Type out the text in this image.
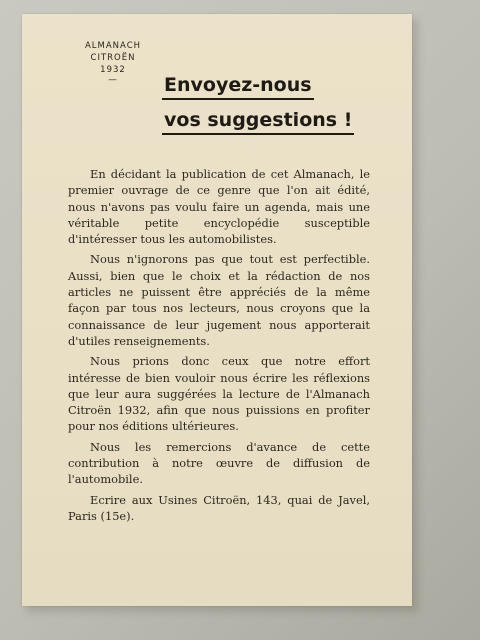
ALMANACH
CITROËN
1932
—	Envoyez-nous
vos suggestions !

En décidant la publication de cet Almanach, le premier ouvrage de ce genre que l'on ait édité, nous n'avons pas voulu faire un agenda, mais une véritable petite encyclopédie susceptible d'intéresser tous les automobilistes.

Nous n'ignorons pas que tout est perfectible. Aussi, bien que le choix et la rédaction de nos articles ne puissent être appréciés de la même façon par tous nos lecteurs, nous croyons que la connaissance de leur jugement nous apporterait d'utiles renseignements.

Nous prions donc ceux que notre effort intéresse de bien vouloir nous écrire les réflexions que leur aura suggérées la lecture de l'Almanach Citroën 1932, afin que nous puissions en profiter pour nos éditions ultérieures.

Nous les remercions d'avance de cette contribution à notre œuvre de diffusion de l'automobile.

Ecrire aux Usines Citroën, 143, quai de Javel, Paris (15e).
